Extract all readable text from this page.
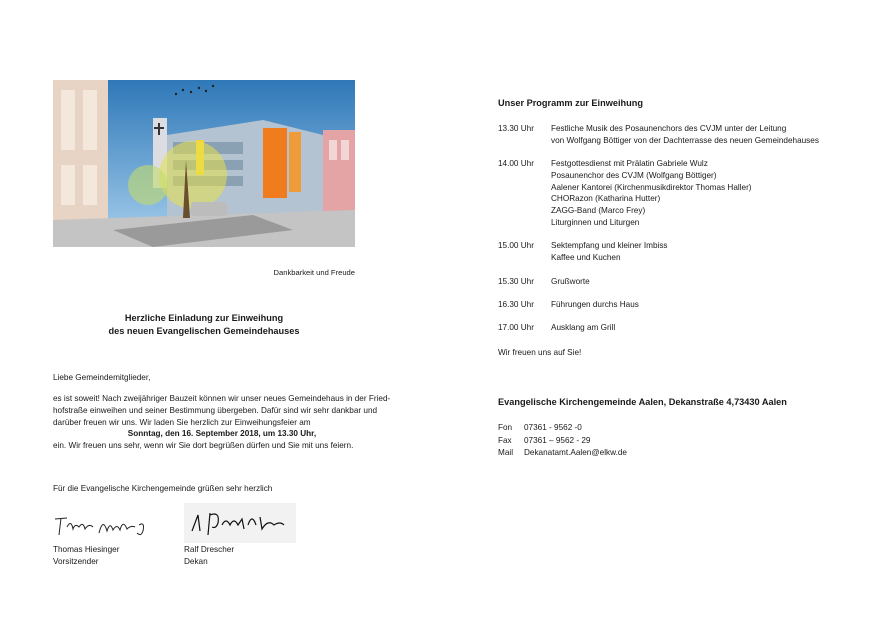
Dankbarkeit und Freude
Herzliche Einladung zur Einweihung
des neuen Evangelischen Gemeindehauses
Liebe Gemeindemitglieder,
es ist soweit! Nach zweijähriger Bauzeit können wir unser neues Gemeindehaus in der Fried-
hofstraße einweihen und seiner Bestimmung übergeben. Dafür sind wir sehr dankbar und
darüber freuen wir uns. Wir laden Sie herzlich zur Einweihungsfeier am
Sonntag, den 16. September 2018, um 13.30 Uhr,
ein. Wir freuen uns sehr, wenn wir Sie dort begrüßen dürfen und Sie mit uns feiern.
Für die Evangelische Kirchengemeinde grüßen sehr herzlich
Thomas Hiesinger
Vorsitzender
Ralf Drescher
Dekan
Unser Programm zur Einweihung
13.30 Uhr Festliche Musik des Posaunenchors des CVJM unter der Leitung
von Wolfgang Böttiger von der Dachterrasse des neuen Gemeindehauses
14.00 Uhr Festgottesdienst mit Prälatin Gabriele Wulz
Posaunenchor des CVJM (Wolfgang Böttiger)
Aalener Kantorei (Kirchenmusikdirektor Thomas Haller)
CHORazon (Katharina Hutter)
ZAGG-Band (Marco Frey)
Liturginnen und Liturgen
15.00 Uhr Sektempfang und kleiner Imbiss
Kaffee und Kuchen
15.30 Uhr Grußworte
16.30 Uhr Führungen durchs Haus
17.00 Uhr Ausklang am Grill
Wir freuen uns auf Sie!
Evangelische Kirchengemeinde Aalen, Dekanstraße 4,73430 Aalen
Fon 07361 - 9562 -0
Fax 07361 – 9562 - 29
Mail Dekanatamt.Aalen@elkw.de
